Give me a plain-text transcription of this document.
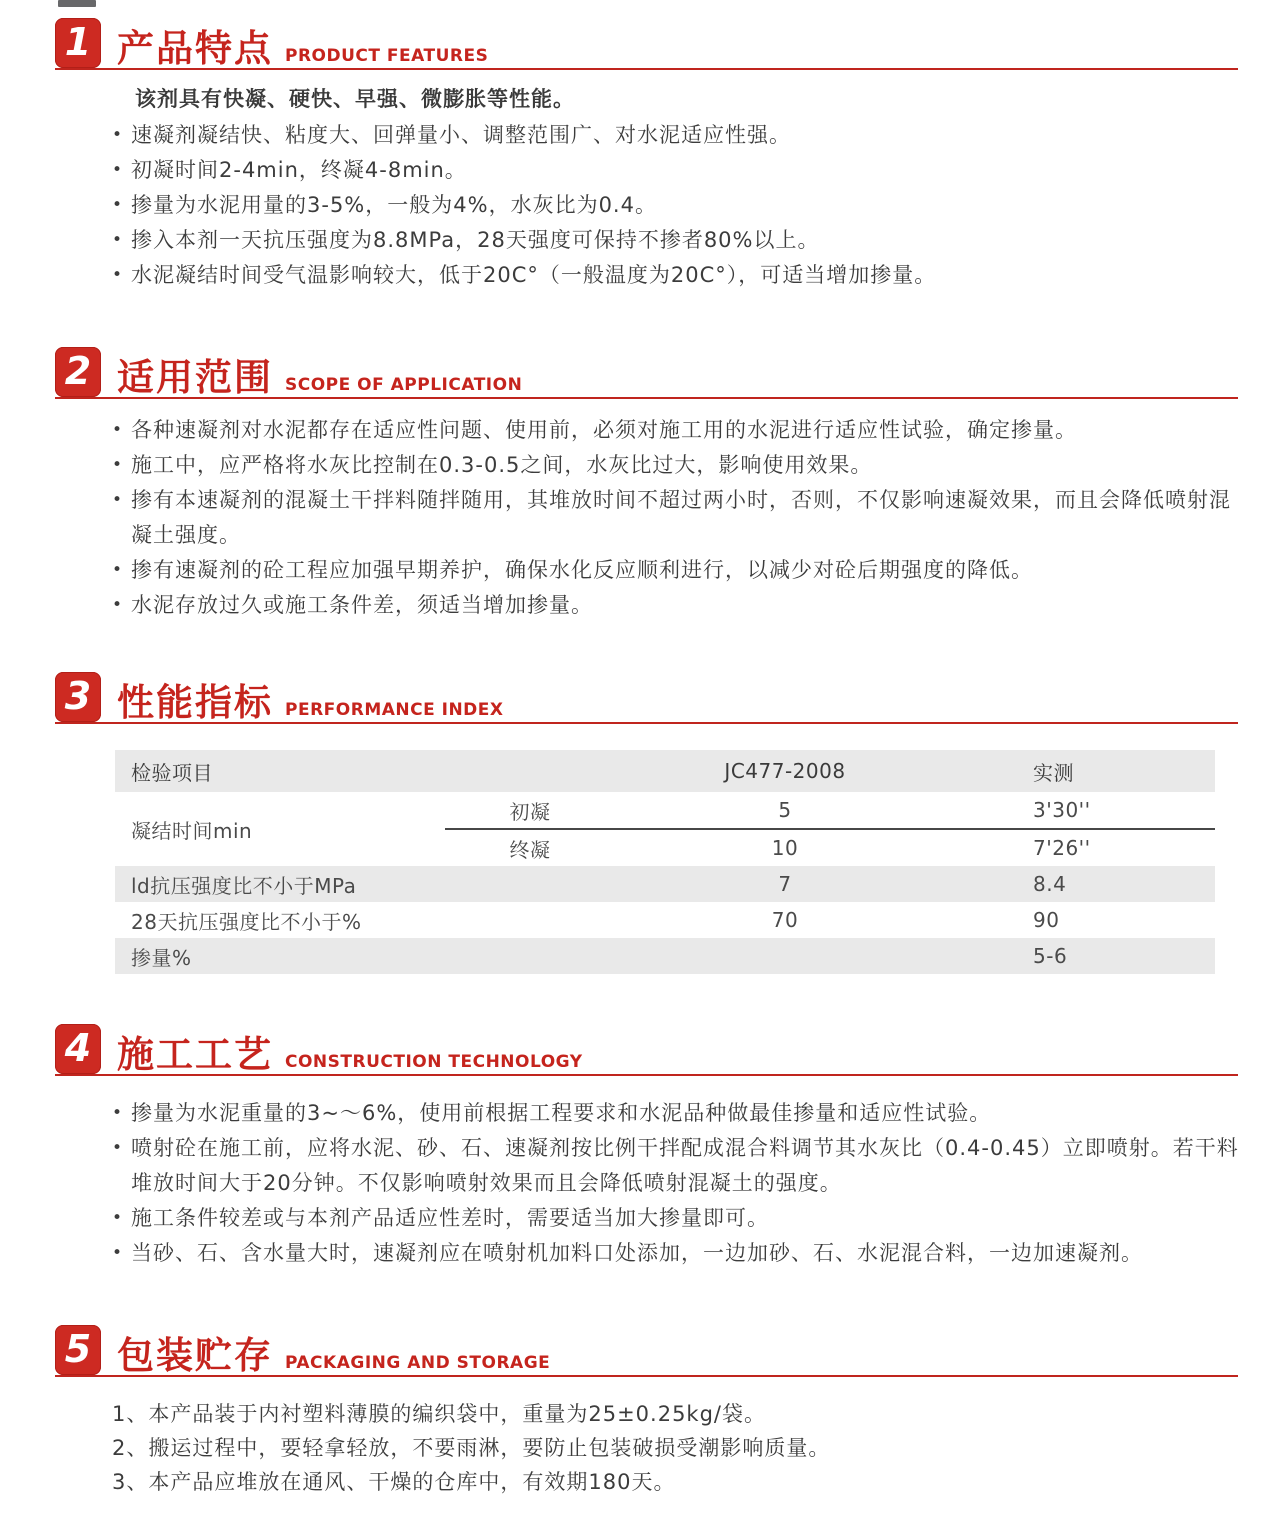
1 产品特点 PRODUCT FEATURES

该剂具有快凝、硬快、早强、微膨胀等性能。

• 速凝剂凝结快、粘度大、回弹量小、调整范围广、对水泥适应性强。
• 初凝时间2-4min，终凝4-8min。
• 掺量为水泥用量的3-5%，一般为4%，水灰比为0.4。
• 掺入本剂一天抗压强度为8.8MPa，28天强度可保持不掺者80%以上。
• 水泥凝结时间受气温影响较大，低于20C°（一般温度为20C°），可适当增加掺量。
2 适用范围 SCOPE OF APPLICATION
• 各种速凝剂对水泥都存在适应性问题、使用前，必须对施工用的水泥进行适应性试验，确定掺量。
• 施工中，应严格将水灰比控制在0.3-0.5之间，水灰比过大，影响使用效果。
• 掺有本速凝剂的混凝土干拌料随拌随用，其堆放时间不超过两小时，否则，不仅影响速凝效果，而且会降低喷射混凝土强度。
• 掺有速凝剂的砼工程应加强早期养护，确保水化反应顺利进行，以减少对砼后期强度的降低。
• 水泥存放过久或施工条件差，须适当增加掺量。
3 性能指标 PERFORMANCE INDEX
检验项目		JC477-2008	实测
凝结时间min	初凝	5	3'30''
	终凝	10	7'26''
ld抗压强度比不小于MPa		7	8.4
28天抗压强度比不小于%		70	90
掺量%			5-6
4 施工工艺 CONSTRUCTION TECHNOLOGY
• 掺量为水泥重量的3~～6%，使用前根据工程要求和水泥品种做最佳掺量和适应性试验。
• 喷射砼在施工前，应将水泥、砂、石、速凝剂按比例干拌配成混合料调节其水灰比（0.4-0.45）立即喷射。若干料堆放时间大于20分钟。不仅影响喷射效果而且会降低喷射混凝土的强度。
• 施工条件较差或与本剂产品适应性差时，需要适当加大掺量即可。
• 当砂、石、含水量大时，速凝剂应在喷射机加料口处添加，一边加砂、石、水泥混合料，一边加速凝剂。
5 包装贮存 PACKAGING AND STORAGE
1、本产品装于内衬塑料薄膜的编织袋中，重量为25±0.25kg/袋。
2、搬运过程中，要轻拿轻放，不要雨淋，要防止包装破损受潮影响质量。
3、本产品应堆放在通风、干燥的仓库中，有效期180天。
